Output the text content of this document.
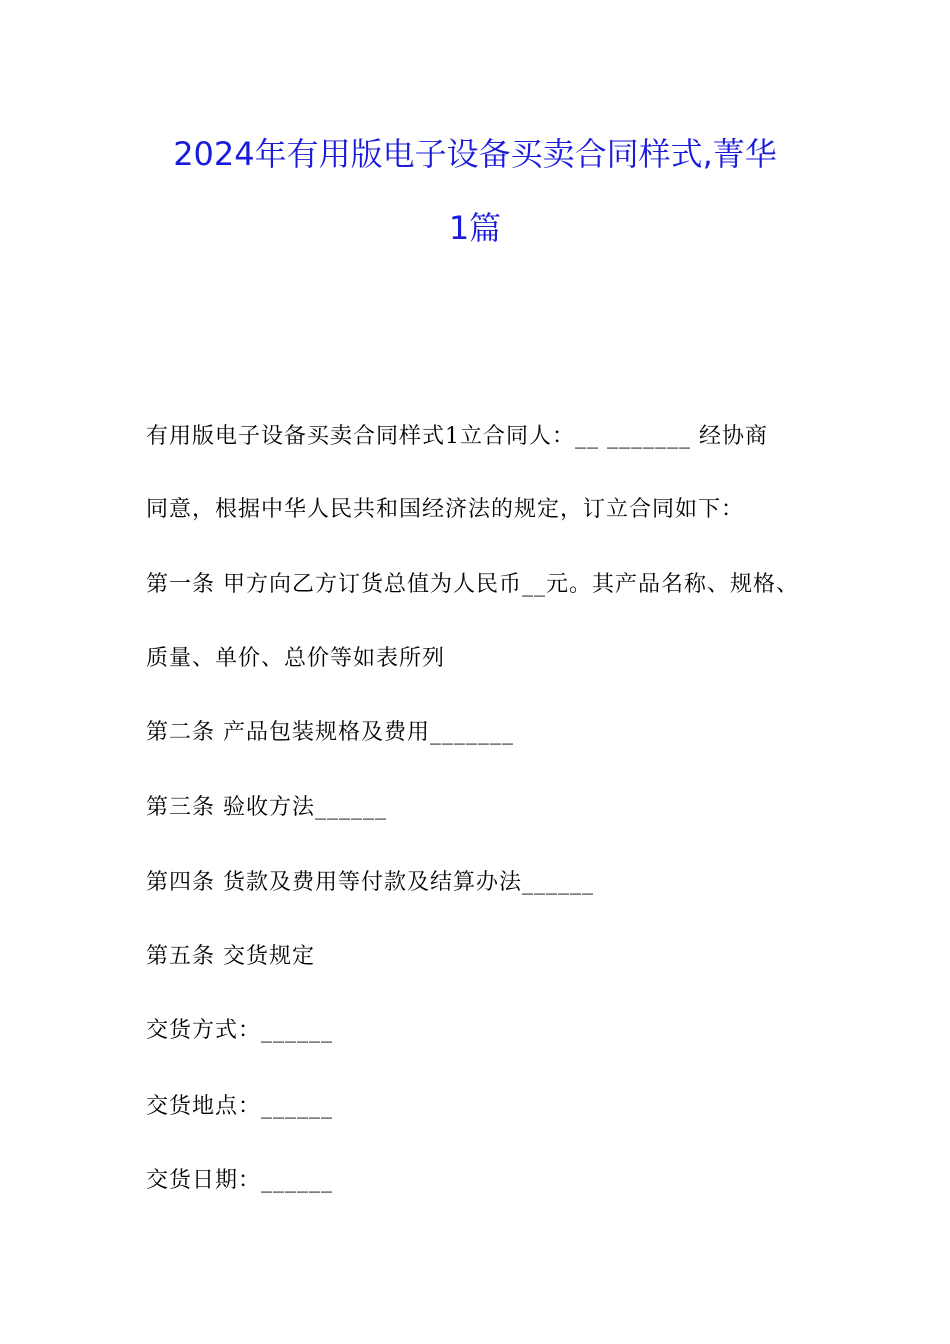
2024年有用版电子设备买卖合同样式,菁华
1篇
有用版电子设备买卖合同样式1立合同人：__ _______ 经协商
同意，根据中华人民共和国经济法的规定，订立合同如下：
第一条 甲方向乙方订货总值为人民币__元。其产品名称、规格、
质量、单价、总价等如表所列
第二条 产品包装规格及费用_______
第三条 验收方法______
第四条 货款及费用等付款及结算办法______
第五条 交货规定
交货方式：______
交货地点：______
交货日期：______
